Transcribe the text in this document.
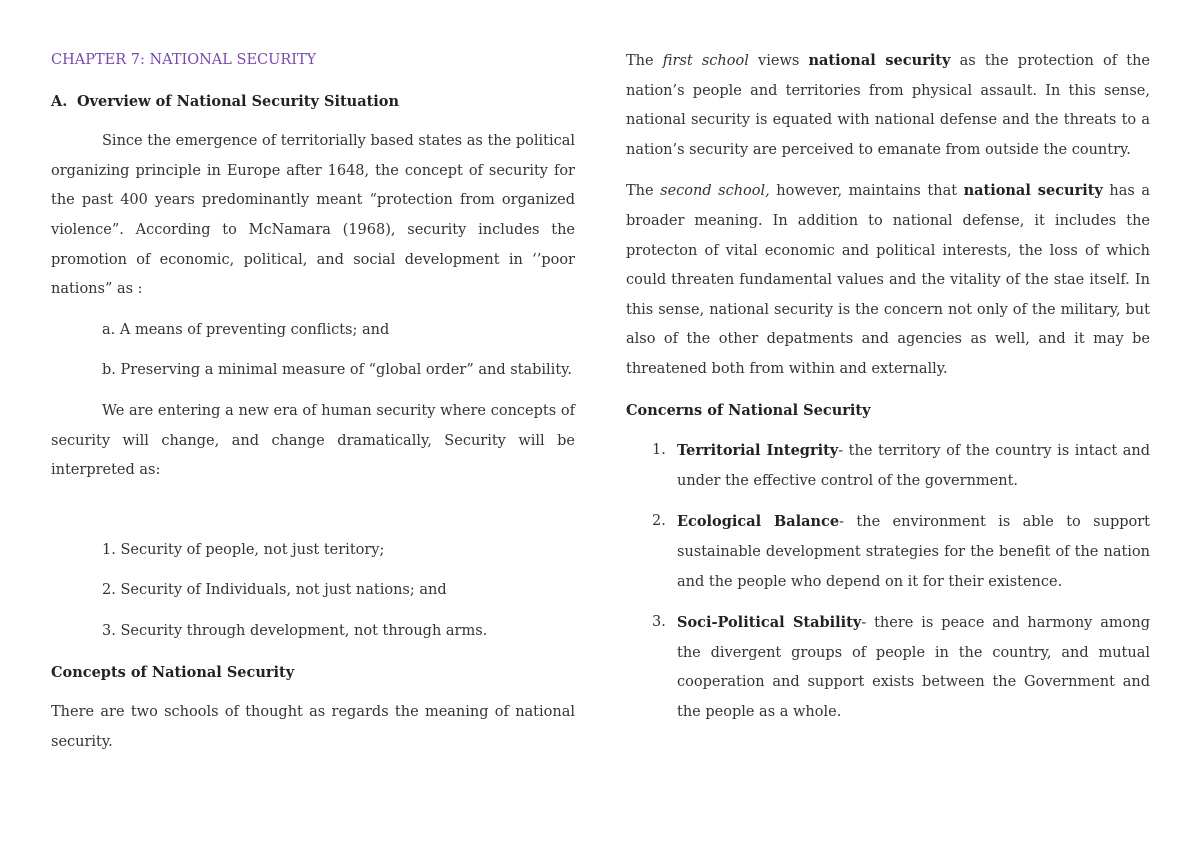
CHAPTER 7: NATIONAL SECURITY
A. Overview of National Security Situation

Since the emergence of territorially based states as the political organizing principle in Europe after 1648, the concept of security for the past 400 years predominantly meant “protection from organized violence”. According to McNamara (1968), security includes the promotion of economic, political, and social development in ‘’poor nations” as :

a. A means of preventing conflicts; and

b. Preserving a minimal measure of “global order” and stability.

We are entering a new era of human security where concepts of security will change, and change dramatically, Security will be interpreted as:

1. Security of people, not just teritory;

2. Security of Individuals, not just nations; and

3. Security through development, not through arms.

Concepts of National Security

There are two schools of thought as regards the meaning of national security.

The first school views national security as the protection of the nation’s people and territories from physical assault. In this sense, national security is equated with national defense and the threats to a nation’s security are perceived to emanate from outside the country.

The second school, however, maintains that national security has a broader meaning. In addition to national defense, it includes the protecton of vital economic and political interests, the loss of which could threaten fundamental values and the vitality of the stae itself. In this sense, national security is the concern not only of the military, but also of the other depatments and agencies as well, and it may be threatened both from within and externally.

Concerns of National Security

1. Territorial Integrity- the territory of the country is intact and under the effective control of the government.
2. Ecological Balance- the environment is able to support sustainable development strategies for the benefit of the nation and the people who depend on it for their existence.
3. Soci-Political Stability- there is peace and harmony among the divergent groups of people in the country, and mutual cooperation and support exists between the Government and the people as a whole.
